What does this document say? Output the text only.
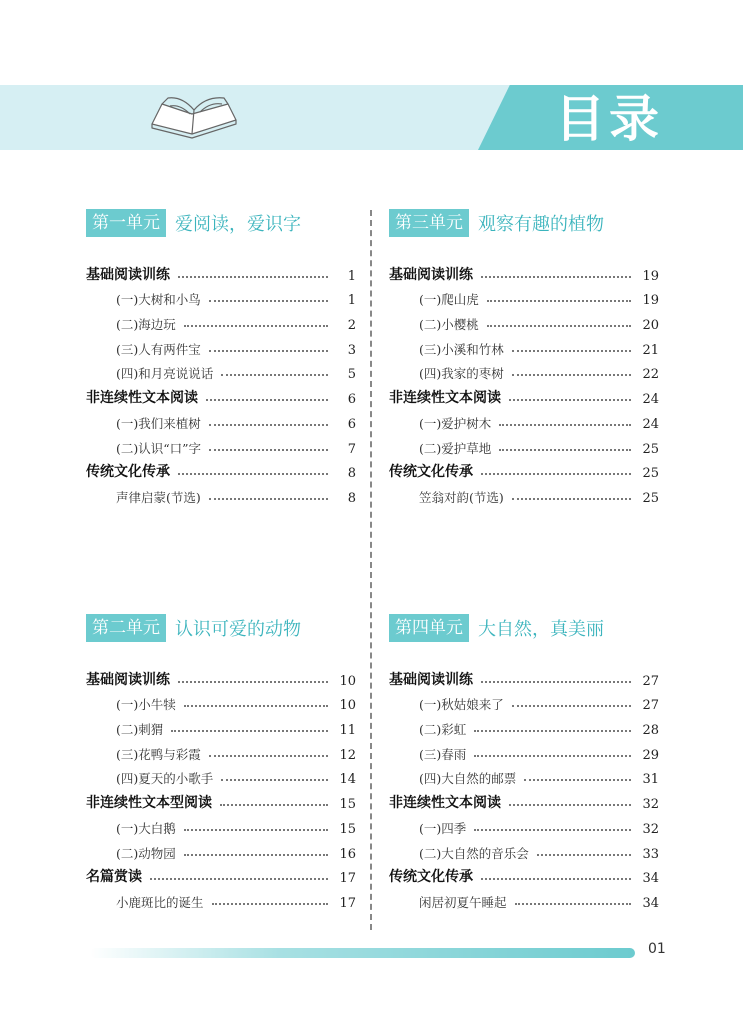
目录
第一单元 爱阅读，爱识字
基础阅读训练	1
(一)大树和小鸟	1
(二)海边玩	2
(三)人有两件宝	3
(四)和月亮说说话	5
非连续性文本阅读	6
(一)我们来植树	6
(二)认识“口”字	7
传统文化传承	8
声律启蒙(节选)	8
第三单元 观察有趣的植物
基础阅读训练	19
(一)爬山虎	19
(二)小樱桃	20
(三)小溪和竹林	21
(四)我家的枣树	22
非连续性文本阅读	24
(一)爱护树木	24
(二)爱护草地	25
传统文化传承	25
笠翁对韵(节选)	25
第二单元 认识可爱的动物
基础阅读训练	10
(一)小牛犊	10
(二)刺猬	11
(三)花鸭与彩霞	12
(四)夏天的小歌手	14
非连续性文本型阅读	15
(一)大白鹅	15
(二)动物园	16
名篇赏读	17
小鹿斑比的诞生	17
第四单元 大自然，真美丽
基础阅读训练	27
(一)秋姑娘来了	27
(二)彩虹	28
(三)春雨	29
(四)大自然的邮票	31
非连续性文本阅读	32
(一)四季	32
(二)大自然的音乐会	33
传统文化传承	34
闲居初夏午睡起	34
01
